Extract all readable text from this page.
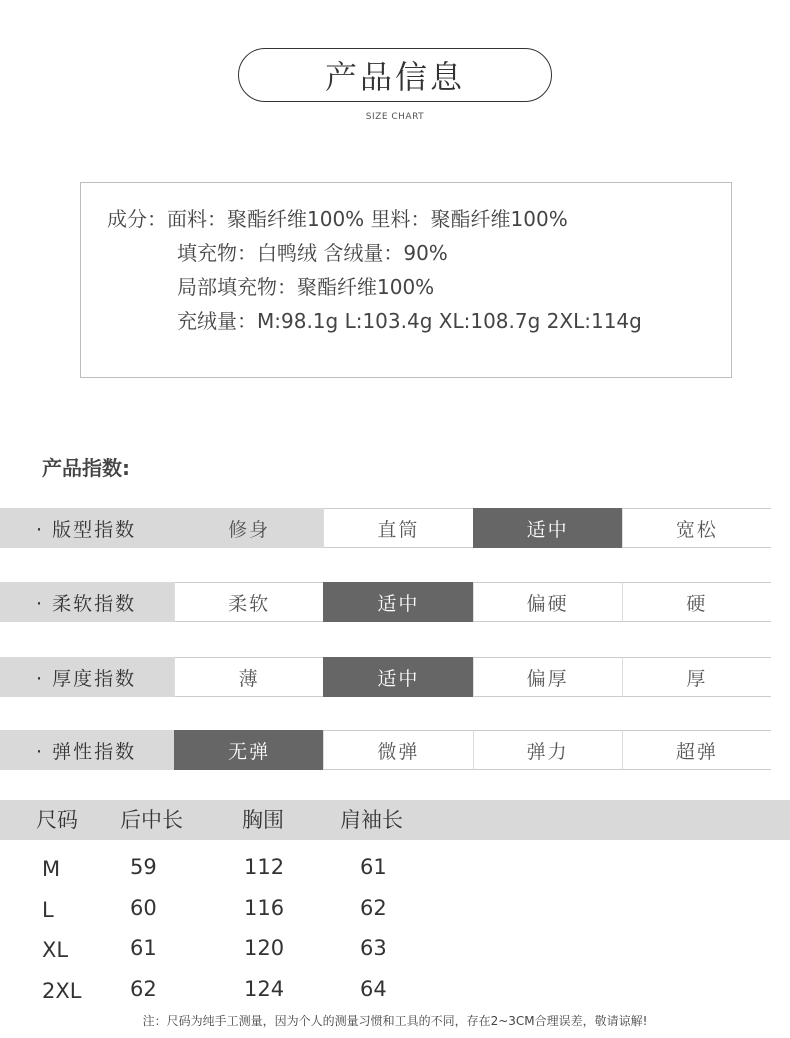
产品信息
SIZE CHART
成分：面料：聚酯纤维100% 里料：聚酯纤维100%
填充物：白鸭绒 含绒量：90%
局部填充物：聚酯纤维100%
充绒量：M:98.1g L:103.4g XL:108.7g 2XL:114g
产品指数:
· 版型指数	修身	直筒	适中	宽松
· 柔软指数	柔软	适中	偏硬	硬
· 厚度指数	薄	适中	偏厚	厚
· 弹性指数	无弹	微弹	弹力	超弹
尺码 后中长	胸围	肩袖长
M	59	112	61
L	60	116	62
XL	61	120	63
2XL 62	124	64
注：尺码为纯手工测量，因为个人的测量习惯和工具的不同，存在2~3CM合理误差，敬请谅解!
